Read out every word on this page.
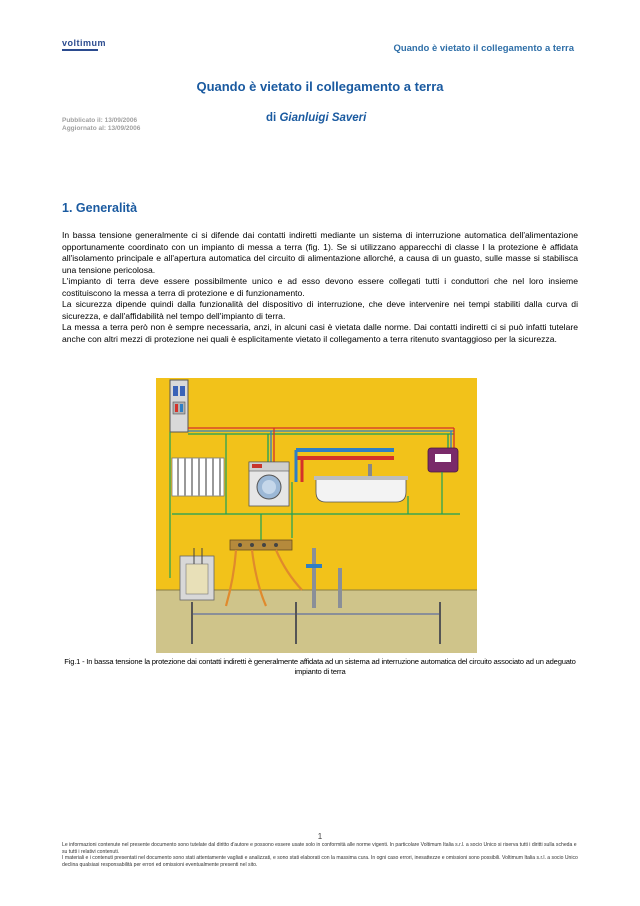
voltimum	Quando è vietato il collegamento a terra
Quando è vietato il collegamento a terra
Pubblicato il: 13/09/2006
Aggiornato al: 13/09/2006
di Gianluigi Saveri
1. Generalità

In bassa tensione generalmente ci si difende dai contatti indiretti mediante un sistema di interruzione automatica dell'alimentazione opportunamente coordinato con un impianto di messa a terra (fig. 1). Se si utilizzano apparecchi di classe I la protezione è affidata all'isolamento principale e all'apertura automatica del circuito di alimentazione allorché, a causa di un guasto, sulle masse si stabilisca una tensione pericolosa.

L'impianto di terra deve essere possibilmente unico e ad esso devono essere collegati tutti i conduttori che nel loro insieme costituiscono la messa a terra di protezione e di funzionamento.

La sicurezza dipende quindi dalla funzionalità del dispositivo di interruzione, che deve intervenire nei tempi stabiliti dalla curva di sicurezza, e dall'affidabilità nel tempo dell'impianto di terra.

La messa a terra però non è sempre necessaria, anzi, in alcuni casi è vietata dalle norme. Dai contatti indiretti ci si può infatti tutelare anche con altri mezzi di protezione nei quali è esplicitamente vietato il collegamento a terra ritenuto svantaggioso per la sicurezza.

Fig.1 - In bassa tensione la protezione dai contatti indiretti è generalmente affidata ad un sistema ad interruzione automatica del circuito associato ad un adeguato impianto di terra
1
Le informazioni contenute nel presente documento sono tutelate dal diritto d'autore e possono essere usate solo in conformità alle norme vigenti. In particolare Voltimum Italia s.r.l. a socio Unico si riserva tutti i diritti sulla scheda e su tutti i relativi contenuti.
I materiali e i contenuti presentati nel documento sono stati attentamente vagliati e analizzati, e sono stati elaborati con la massima cura. In ogni caso errori, inesattezze e omissioni sono possibili. Voltimum Italia s.r.l. a socio Unico declina qualsiasi responsabilità per errori ed omissioni eventualmente presenti nel sito.
